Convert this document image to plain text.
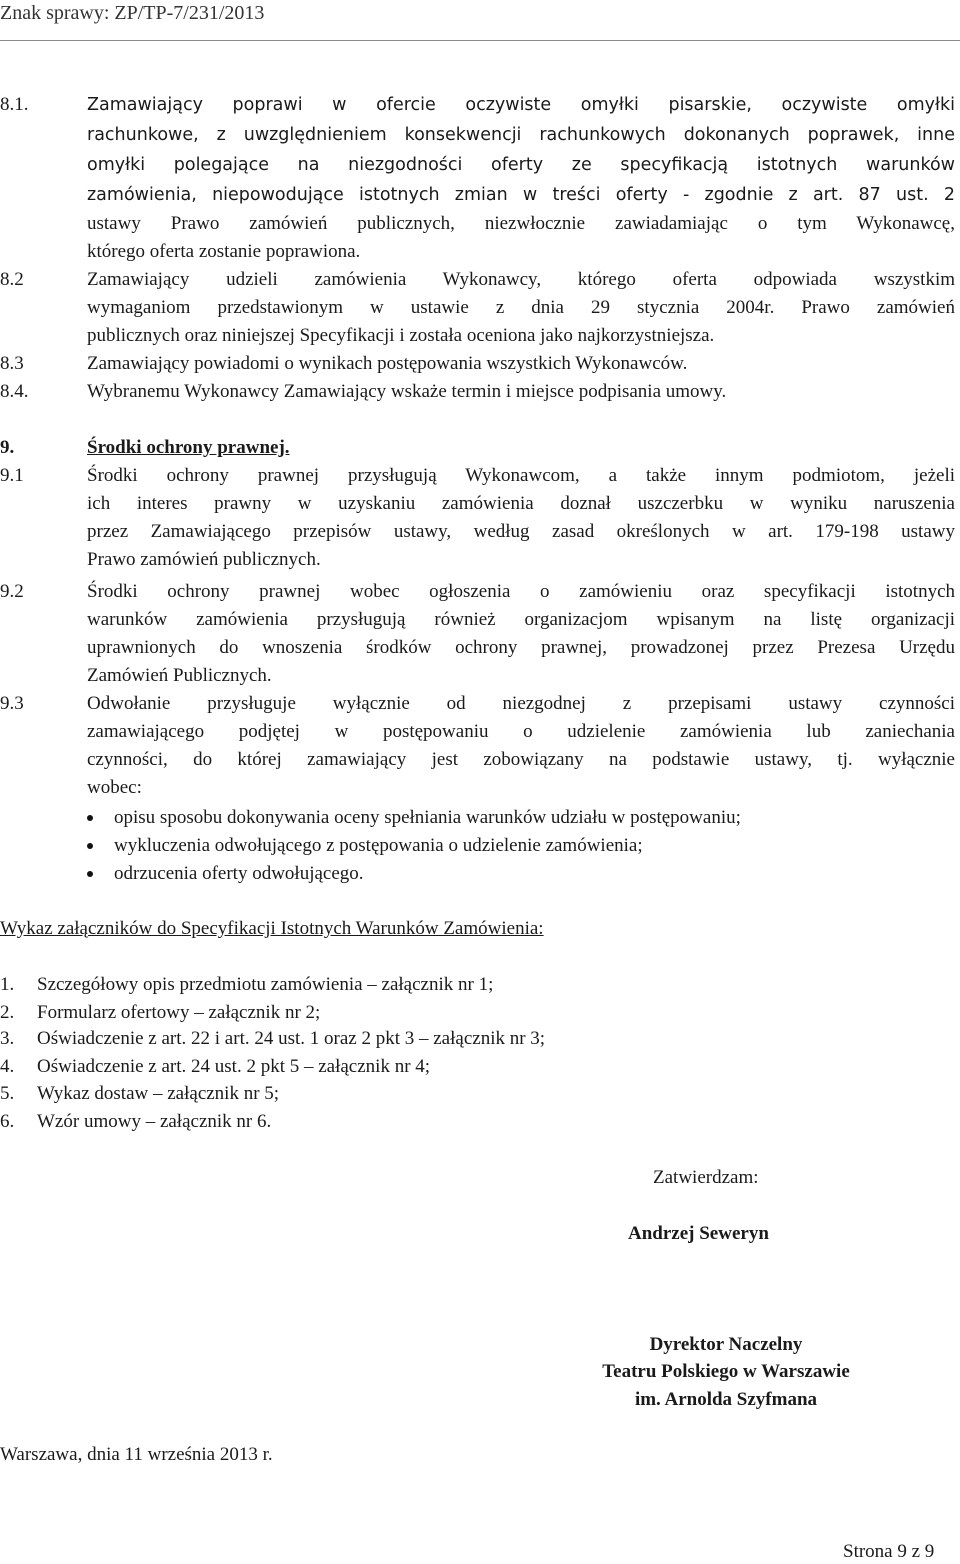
Znak sprawy: ZP/TP-7/231/2013
8.1.	Zamawiający poprawi w ofercie oczywiste omyłki pisarskie, oczywiste omyłki
rachunkowe, z uwzględnieniem konsekwencji rachunkowych dokonanych poprawek, inne
omyłki polegające na niezgodności oferty ze specyfikacją istotnych warunków
zamówienia, niepowodujące istotnych zmian w treści oferty - zgodnie z art. 87 ust. 2
ustawy Prawo zamówień publicznych, niezwłocznie zawiadamiając o tym Wykonawcę,
którego oferta zostanie poprawiona.
8.2	Zamawiający udzieli zamówienia Wykonawcy, którego oferta odpowiada wszystkim
wymaganiom przedstawionym w ustawie z dnia 29 stycznia 2004r. Prawo zamówień
publicznych oraz niniejszej Specyfikacji i została oceniona jako najkorzystniejsza.
8.3	Zamawiający powiadomi o wynikach postępowania wszystkich Wykonawców.
8.4.	Wybranemu Wykonawcy Zamawiający wskaże termin i miejsce podpisania umowy.
9.	Środki ochrony prawnej.
9.1	Środki ochrony prawnej przysługują Wykonawcom, a także innym podmiotom, jeżeli
ich interes prawny w uzyskaniu zamówienia doznał uszczerbku w wyniku naruszenia
przez Zamawiającego przepisów ustawy, według zasad określonych w art. 179-198 ustawy
Prawo zamówień publicznych.
9.2	Środki ochrony prawnej wobec ogłoszenia o zamówieniu oraz specyfikacji istotnych
warunków zamówienia przysługują również organizacjom wpisanym na listę organizacji
uprawnionych do wnoszenia środków ochrony prawnej, prowadzonej przez Prezesa Urzędu
Zamówień Publicznych.
9.3	Odwołanie przysługuje wyłącznie od niezgodnej z przepisami ustawy czynności
zamawiającego podjętej w postępowaniu o udzielenie zamówienia lub zaniechania
czynności, do której zamawiający jest zobowiązany na podstawie ustawy, tj. wyłącznie
wobec:
opisu sposobu dokonywania oceny spełniania warunków udziału w postępowaniu;
wykluczenia odwołującego z postępowania o udzielenie zamówienia;
odrzucenia oferty odwołującego.
Wykaz załączników do Specyfikacji Istotnych Warunków Zamówienia:
1. Szczegółowy opis przedmiotu zamówienia – załącznik nr 1;
2. Formularz ofertowy – załącznik nr 2;
3. Oświadczenie z art. 22 i art. 24 ust. 1 oraz 2 pkt 3 – załącznik nr 3;
4. Oświadczenie z art. 24 ust. 2 pkt 5 – załącznik nr 4;
5. Wykaz dostaw – załącznik nr 5;
6. Wzór umowy – załącznik nr 6.
Zatwierdzam:
Andrzej Seweryn
Dyrektor Naczelny
Teatru Polskiego w Warszawie
im. Arnolda Szyfmana
Warszawa, dnia 11 września 2013 r.
Strona 9 z 9
